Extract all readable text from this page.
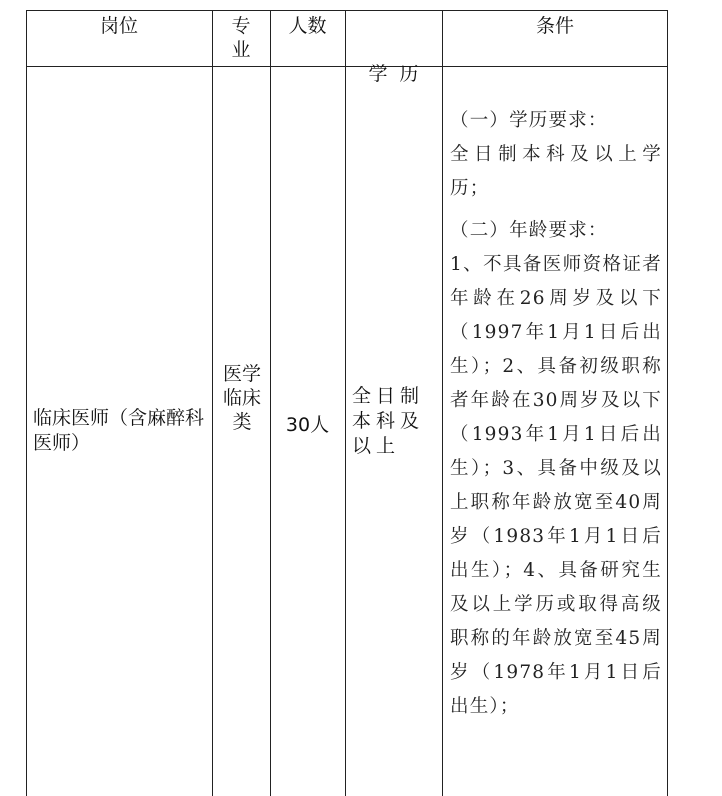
岗位	专
业
人数

学  历

条件
临床医师（含麻醉科医师）
医学临床类	30人
全日制本科及以上

（一）学历要求：

全日制本科及以上学历；

（二）年龄要求：

1、不具备医师资格证者年龄在26周岁及以下（1997年1月1日后出生）；2、具备初级职称者年龄在30周岁及以下（1993年1月1日后出生）；3、具备中级及以上职称年龄放宽至40周岁（1983年1月1日后出生）；4、具备研究生及以上学历或取得高级职称的年龄放宽至45周岁（1978年1月1日后出生）；
